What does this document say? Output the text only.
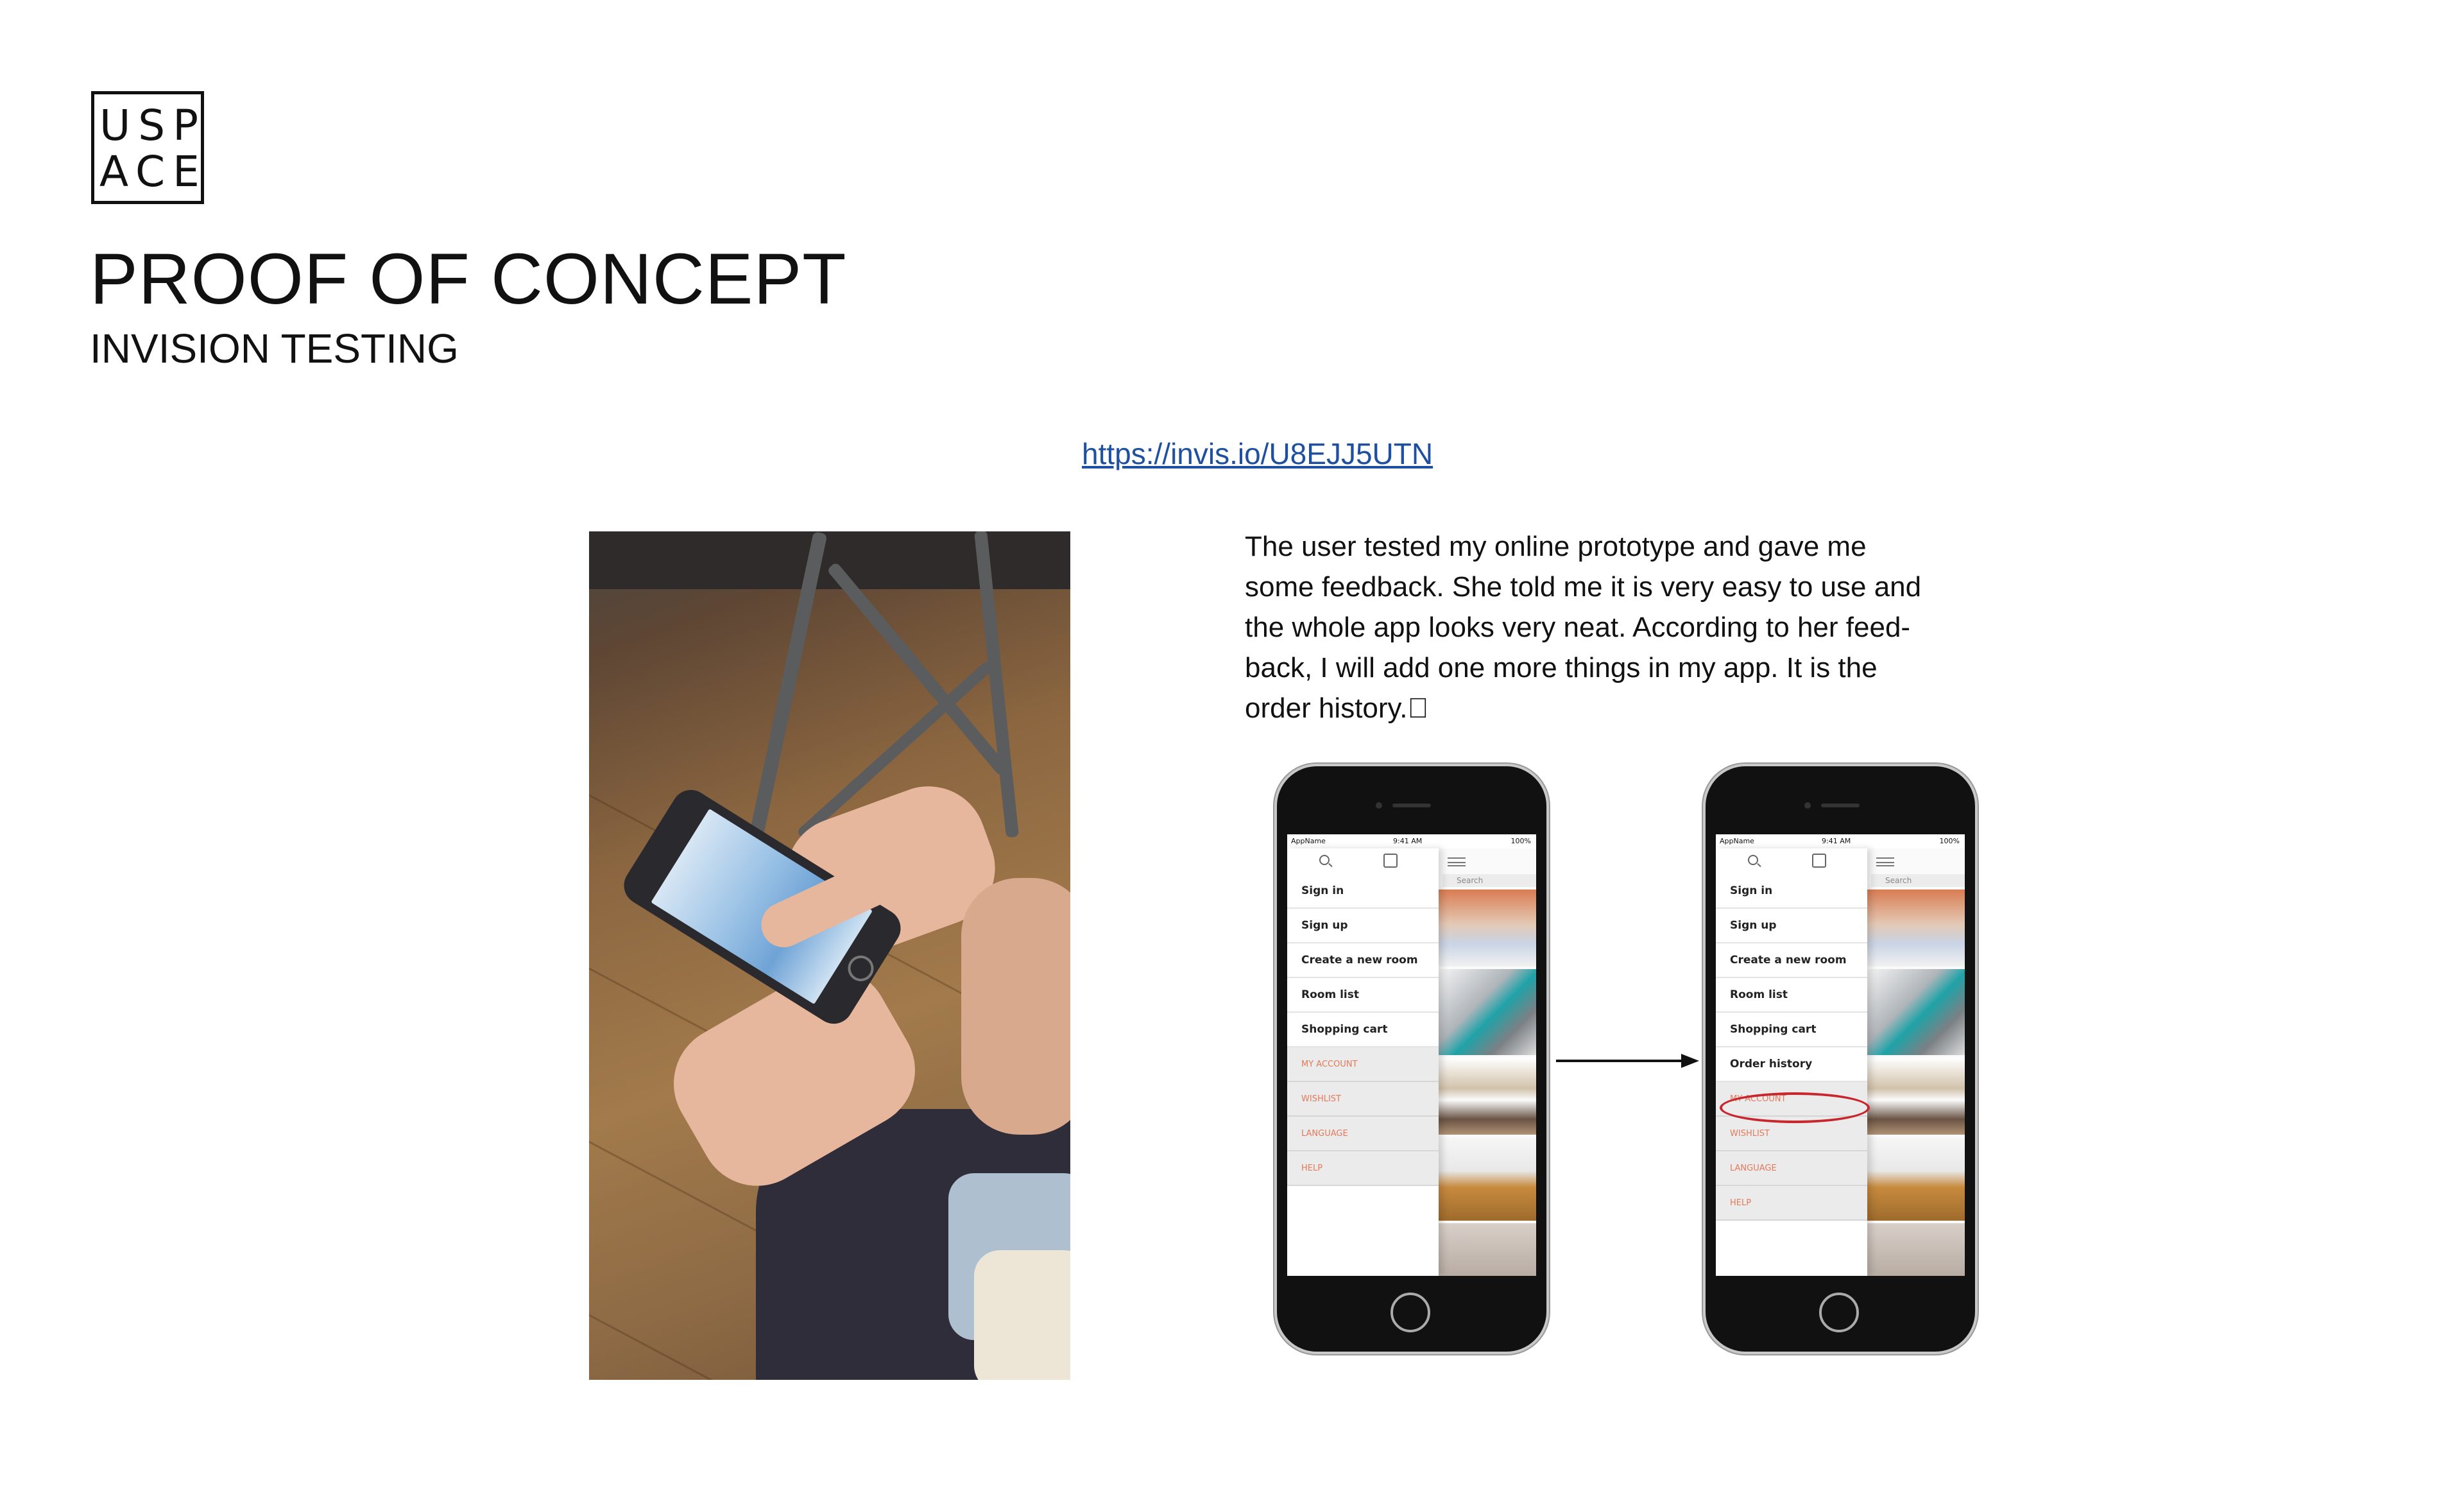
USP
ACE
PROOF OF CONCEPT
INVISION TESTING
https://invis.io/U8EJJ5UTN

The user tested my online prototype and gave me

some feedback. She told me it is very easy to use and

the whole app looks very neat. According to her feed-

back, I will add one more things in my app. It is the

order history. 

AppName	9:41 AM	100%
Sign in
Sign up
Create a new room
Room list
Shopping cart
MY ACCOUNT
WISHLIST
LANGUAGE
HELP
Search
AppName	9:41 AM	100%
Sign in
Sign up
Create a new room
Room list
Shopping cart
Order history
MY ACCOUNT
WISHLIST
LANGUAGE
HELP
Search
